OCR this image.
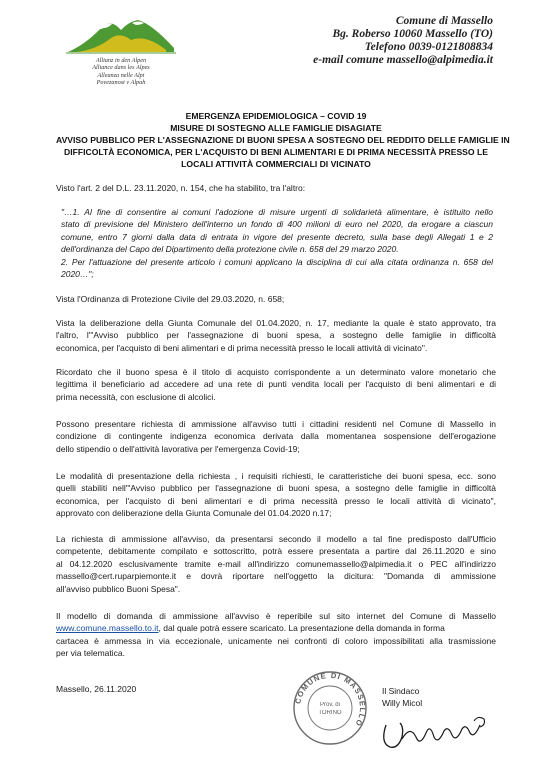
Allianz in den Alpen
Alliance dans les Alpes
Alleanza nelle Alpi
Povezanost v Alpah
Comune di Massello
Bg. Roberso 10060 Massello (TO)
Telefono 0039-0121808834
e-mail comune massello@alpimedia.it
EMERGENZA EPIDEMIOLOGICA – COVID 19
MISURE DI SOSTEGNO ALLE FAMIGLIE DISAGIATE
AVVISO PUBBLICO PER L'ASSEGNAZIONE DI BUONI SPESA A SOSTEGNO DEL REDDITO DELLE FAMIGLIE IN
DIFFICOLTÀ ECONOMICA, PER L'ACQUISTO DI BENI ALIMENTARI E DI PRIMA NECESSITÀ PRESSO LE
LOCALI ATTIVITÀ COMMERCIALI DI VICINATO
Visto l'art. 2 del D.L. 23.11.2020, n. 154, che ha stabilito, tra l'altro:
"…1. Al fine di consentire ai comuni l'adozione di misure urgenti di solidarietà alimentare, è istituito nello
stato di previsione del Ministero dell'interno un fondo di 400 milioni di euro nel 2020, da erogare a ciascun
comune, entro 7 giorni dalla data di entrata in vigore del presente decreto, sulla base degli Allegati 1 e 2
dell'ordinanza del Capo del Dipartimento della protezione civile n. 658 del 29 marzo 2020.
2. Per l'attuazione del presente articolo i comuni applicano la disciplina di cui alla citata ordinanza n. 658 del
2020…";
Vista l'Ordinanza di Protezione Civile del 29.03.2020, n. 658;
Vista la deliberazione della Giunta Comunale del 01.04.2020, n. 17, mediante la quale è stato approvato, tra
l'altro, l'"Avviso pubblico per l'assegnazione di buoni spesa, a sostegno delle famiglie in difficoltà
economica, per l'acquisto di beni alimentari e di prima necessità presso le locali attività di vicinato".
Ricordato che il buono spesa è il titolo di acquisto corrispondente a un determinato valore monetario che
legittima il beneficiario ad accedere ad una rete di punti vendita locali per l'acquisto di beni alimentari e di
prima necessità, con esclusione di alcolici.
Possono presentare richiesta di ammissione all'avviso tutti i cittadini residenti nel Comune di Massello in
condizione di contingente indigenza economica derivata dalla momentanea sospensione dell'erogazione
dello stipendio o dell'attività lavorativa per l'emergenza Covid-19;
Le modalità di presentazione della richiesta , i requisiti richiesti, le caratteristiche dei buoni spesa, ecc. sono
quelli stabiliti nell'"Avviso pubblico per l'assegnazione di buoni spesa, a sostegno delle famiglie in difficoltà
economica, per l'acquisto di beni alimentari e di prima necessità presso le locali attività di vicinato",
approvato con deliberazione della Giunta Comunale del 01.04.2020 n.17;
La richiesta di ammissione all'avviso, da presentarsi secondo il modello a tal fine predisposto dall'Ufficio
competente, debitamente compilato e sottoscritto, potrà essere presentata a partire dal 26.11.2020 e sino
al 04.12.2020 esclusivamente tramite e-mail all'indirizzo comunemassello@alpimedia.it o PEC all'indirizzo
massello@cert.ruparpiemonte.it e dovrà riportare nell'oggetto la dicitura: "Domanda di ammissione
all'avviso pubblico Buoni Spesa".
Il modello di domanda di ammissione all'avviso è reperibile sul sito internet del Comune di Massello
www.comune.massello.to.it, dal quale potrà essere scaricato. La presentazione della domanda in forma
cartacea è ammessa in via eccezionale, unicamente nei confronti di coloro impossibilitati alla trasmissione
per via telematica.
Massello, 26.11.2020
COMUNE DI MASSELLO
Prov. di
TORINO
Il Sindaco
Willy Micol
